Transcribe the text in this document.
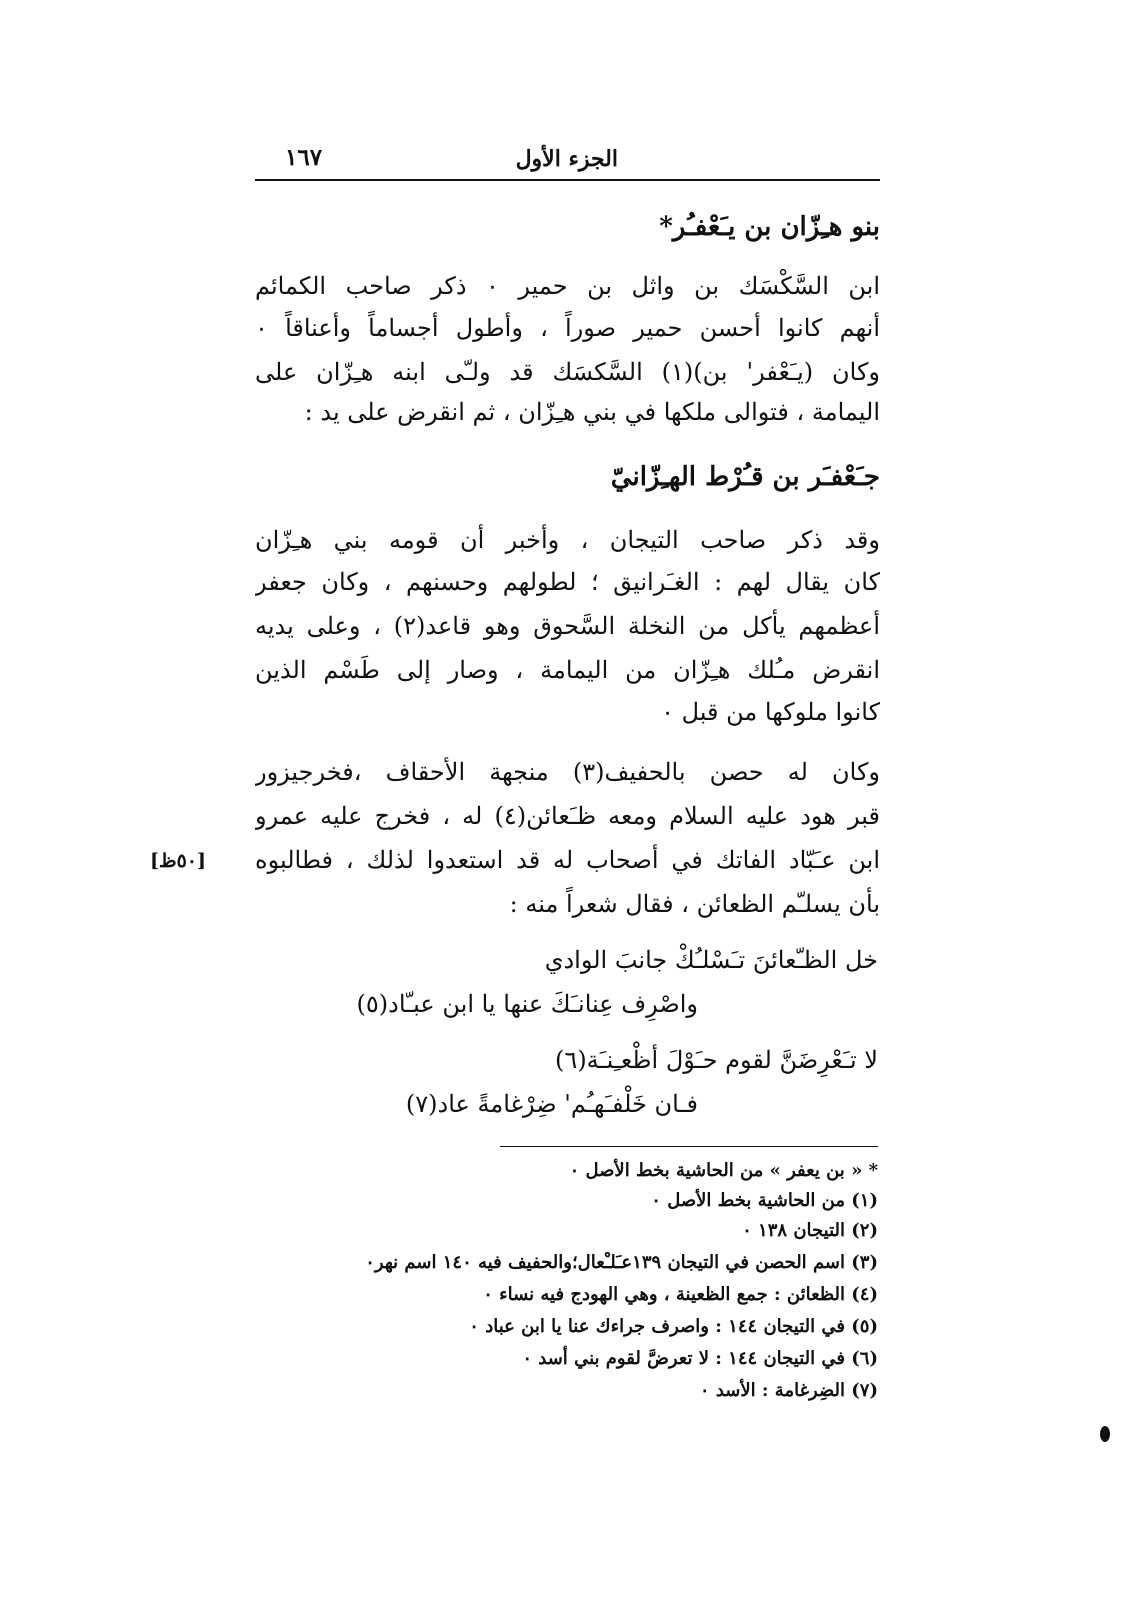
الجزء الأول
١٦٧
بنو هـِزّان بن يـَعْفـُر*
ابن السَّكْسَك بن واثل بن حمير ٠ ذكر صاحب الكمائم
أنهم كانوا أحسن حمير صوراً ، وأطول أجساماً وأعناقاً ٠
وكان (يـَعْفر' بن)(١) السَّكسَك قد ولـّى ابنه هـِزّان على
اليمامة ، فتوالى ملكها في بني هـِزّان ، ثم انقرض على يد :
جـَعْفـَر بن قـُرْط الهـِزّانيّ
وقد ذكر صاحب التيجان ، وأخبر أن قومه بني هـِزّان
كان يقال لهم : الغـَرانيق ؛ لطولهم وحسنهم ، وكان جعفر
أعظمهم يأكل من النخلة السَّحوق وهو قاعد(٢) ، وعلى يديه
انقرض مـُلك هـِزّان من اليمامة ، وصار إلى طَسْم الذين
كانوا ملوكها من قبل ٠
وكان له حصن بالحفيف(٣) منجهة الأحقاف ،فخرجيزور
قبر هود عليه السلام ومعه ظـَعائن(٤) له ، فخرج عليه عمرو
ابن عـَبّاد الفاتك في أصحاب له قد استعدوا لذلك ، فطالبوه
بأن يسلـّم الظعائن ، فقال شعراً منه :
[٥٠ظ]
خل الظـّعائنَ تـَسْلـُكْ جانبَ الوادي
واصْرِف عِنانـَكَ عنها يا ابن عبـّاد(٥)
لا تـَعْرِضَنَّ لقوم حـَوْلَ أظْعـِنـَة(٦)
فـان خَلْفـَهـُم' ضِرْغامةً عاد(٧)
* « بن يعفر » من الحاشية بخط الأصل ٠
(١) من الحاشية بخط الأصل ٠
(٢) التيجان ١٣٨ ٠
(٣) اسم الحصن في التيجان ١٣٩عـَلـْعال؛والحفيف فيه ١٤٠ اسم نهر٠
(٤) الظعائن : جمع الظعينة ، وهي الهودج فيه نساء ٠
(٥) في التيجان ١٤٤ : واصرف جراءك عنا يا ابن عباد ٠
(٦) في التيجان ١٤٤ : لا تعرضَّ لقوم بني أسد ٠
(٧) الضِرغامة : الأسد ٠
